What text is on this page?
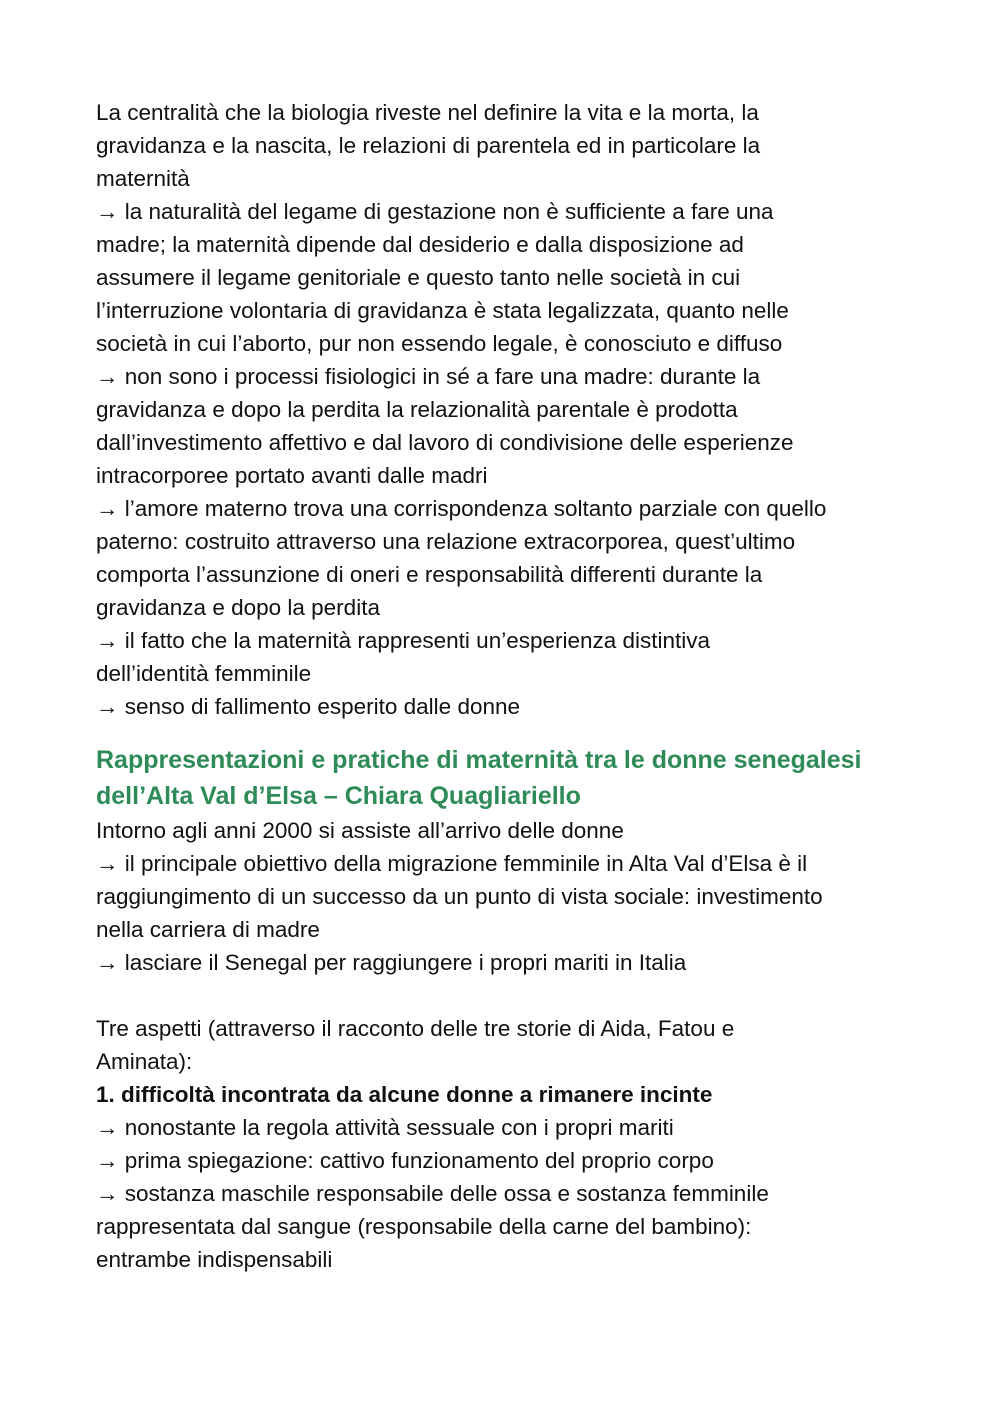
La centralità che la biologia riveste nel definire la vita e la morta, la

gravidanza e la nascita, le relazioni di parentela ed in particolare la

maternità

→ la naturalità del legame di gestazione non è sufficiente a fare una

madre; la maternità dipende dal desiderio e dalla disposizione ad

assumere il legame genitoriale e questo tanto nelle società in cui

l’interruzione volontaria di gravidanza è stata legalizzata, quanto nelle

società in cui l’aborto, pur non essendo legale, è conosciuto e diffuso

→ non sono i processi fisiologici in sé a fare una madre: durante la

gravidanza e dopo la perdita la relazionalità parentale è prodotta

dall’investimento affettivo e dal lavoro di condivisione delle esperienze

intracorporee portato avanti dalle madri

→ l’amore materno trova una corrispondenza soltanto parziale con quello

paterno: costruito attraverso una relazione extracorporea, quest’ultimo

comporta l’assunzione di oneri e responsabilità differenti durante la

gravidanza e dopo la perdita

→ il fatto che la maternità rappresenti un’esperienza distintiva

dell’identità femminile

→ senso di fallimento esperito dalle donne

Rappresentazioni e pratiche di maternità tra le donne senegalesi

dell’Alta Val d’Elsa – Chiara Quagliariello

Intorno agli anni 2000 si assiste all’arrivo delle donne

→ il principale obiettivo della migrazione femminile in Alta Val d’Elsa è il

raggiungimento di un successo da un punto di vista sociale: investimento

nella carriera di madre

→ lasciare il Senegal per raggiungere i propri mariti in Italia

Tre aspetti (attraverso il racconto delle tre storie di Aida, Fatou e

Aminata):

1. difficoltà incontrata da alcune donne a rimanere incinte

→ nonostante la regola attività sessuale con i propri mariti

→ prima spiegazione: cattivo funzionamento del proprio corpo

→ sostanza maschile responsabile delle ossa e sostanza femminile

rappresentata dal sangue (responsabile della carne del bambino):

entrambe indispensabili
